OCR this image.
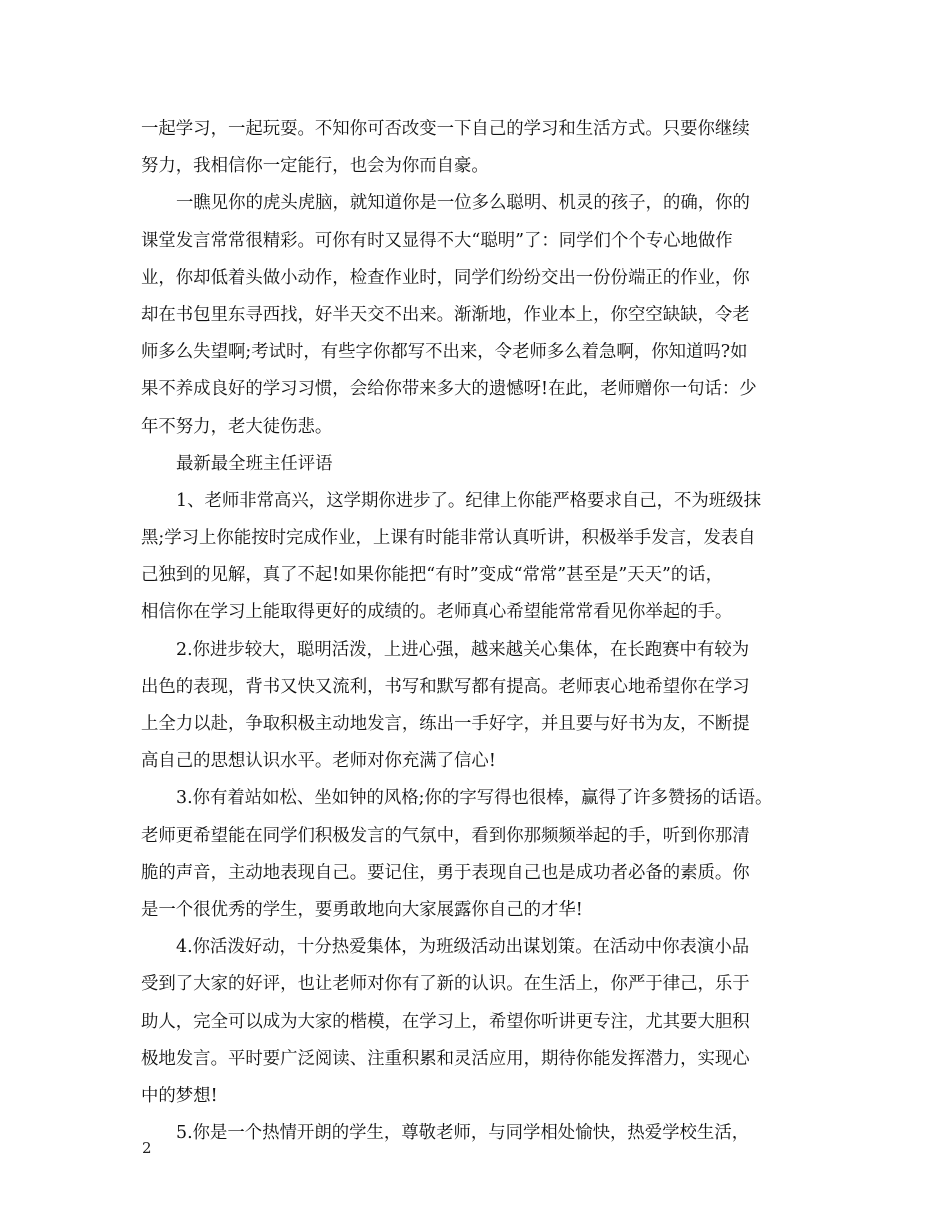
一起学习，一起玩耍。不知你可否改变一下自己的学习和生活方式。只要你继续
努力，我相信你一定能行，也会为你而自豪。
一瞧见你的虎头虎脑，就知道你是一位多么聪明、机灵的孩子，的确，你的
课堂发言常常很精彩。可你有时又显得不大“聪明”了：同学们个个专心地做作
业，你却低着头做小动作，检查作业时，同学们纷纷交出一份份端正的作业，你
却在书包里东寻西找，好半天交不出来。渐渐地，作业本上，你空空缺缺，令老
师多么失望啊;考试时，有些字你都写不出来，令老师多么着急啊，你知道吗?如
果不养成良好的学习习惯，会给你带来多大的遗憾呀!在此，老师赠你一句话：少
年不努力，老大徒伤悲。
最新最全班主任评语
1、老师非常高兴，这学期你进步了。纪律上你能严格要求自己，不为班级抹
黑;学习上你能按时完成作业，上课有时能非常认真听讲，积极举手发言，发表自
己独到的见解，真了不起!如果你能把“有时”变成“常常”甚至是”天天”的话，
相信你在学习上能取得更好的成绩的。老师真心希望能常常看见你举起的手。
2.你进步较大，聪明活泼，上进心强，越来越关心集体，在长跑赛中有较为
出色的表现，背书又快又流利，书写和默写都有提高。老师衷心地希望你在学习
上全力以赴，争取积极主动地发言，练出一手好字，并且要与好书为友，不断提
高自己的思想认识水平。老师对你充满了信心!
3.你有着站如松、坐如钟的风格;你的字写得也很棒，赢得了许多赞扬的话语。
老师更希望能在同学们积极发言的气氛中，看到你那频频举起的手，听到你那清
脆的声音，主动地表现自己。要记住，勇于表现自己也是成功者必备的素质。你
是一个很优秀的学生，要勇敢地向大家展露你自己的才华!
4.你活泼好动，十分热爱集体，为班级活动出谋划策。在活动中你表演小品
受到了大家的好评，也让老师对你有了新的认识。在生活上，你严于律己，乐于
助人，完全可以成为大家的楷模，在学习上，希望你听讲更专注，尤其要大胆积
极地发言。平时要广泛阅读、注重积累和灵活应用，期待你能发挥潜力，实现心
中的梦想!
5.你是一个热情开朗的学生，尊敬老师，与同学相处愉快，热爱学校生活，
2
